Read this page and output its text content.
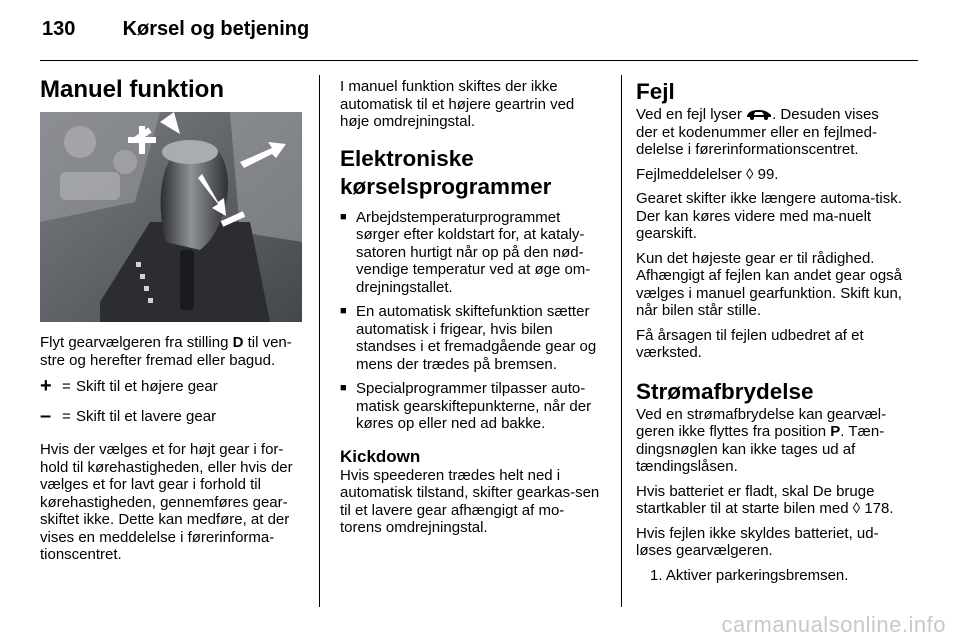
130 Kørsel og betjening
Manuel funktion

Flyt gearvælgeren fra stilling D til ven-stre og herefter fremad eller bagud.

+ = Skift til et højere gear
– = Skift til et lavere gear

Hvis der vælges et for højt gear i for-hold til kørehastigheden, eller hvis der vælges et for lavt gear i forhold til kørehastigheden, gennemføres gear-skiftet ikke. Dette kan medføre, at der vises en meddelelse i førerinforma-tionscentret.

I manuel funktion skiftes der ikke automatisk til et højere geartrin ved høje omdrejningstal.

Elektroniske kørselsprogrammer
■ Arbejdstemperaturprogrammet sørger efter koldstart for, at kataly-satoren hurtigt når op på den nød-vendige temperatur ved at øge om-drejningstallet.
■ En automatisk skiftefunktion sætter automatisk i frigear, hvis bilen standses i et fremadgående gear og mens der trædes på bremsen.
■ Specialprogrammer tilpasser auto-matisk gearskiftepunkterne, når der køres op eller ned ad bakke.
Kickdown

Hvis speederen trædes helt ned i automatisk tilstand, skifter gearkas-sen til et lavere gear afhængigt af mo-torens omdrejningstal.

Fejl

Ved en fejl lyser . Desuden vises der et kodenummer eller en fejlmed-delelse i førerinformationscentret.

Fejlmeddelelser ◊ 99.

Gearet skifter ikke længere automa-tisk. Der kan køres videre med ma-nuelt gearskift.

Kun det højeste gear er til rådighed. Afhængigt af fejlen kan andet gear også vælges i manuel gearfunktion. Skift kun, når bilen står stille.

Få årsagen til fejlen udbedret af et værksted.

Strømafbrydelse

Ved en strømafbrydelse kan gearvæl-geren ikke flyttes fra position P. Tæn-dingsnøglen kan ikke tages ud af tændingslåsen.

Hvis batteriet er fladt, skal De bruge startkabler til at starte bilen med ◊ 178.

Hvis fejlen ikke skyldes batteriet, ud-løses gearvælgeren.

1. Aktiver parkeringsbremsen.
carmanualsonline.info
